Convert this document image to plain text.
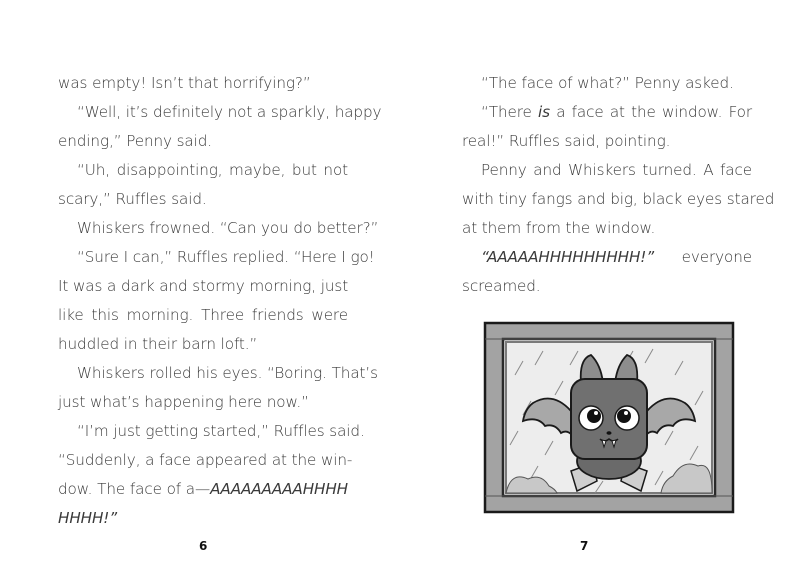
was empty! Isn’t that horrifying?”
“Well, it’s definitely not a sparkly, happy
ending,” Penny said.
“Uh, disappointing, maybe, but not
scary,” Ruffles said.
Whiskers frowned. “Can you do better?”
“Sure I can,” Ruffles replied. “Here I go!
It was a dark and stormy morning, just
like this morning. Three friends were
huddled in their barn loft.”
Whiskers rolled his eyes. “Boring. That’s
just what’s happening here now.”
“I’m just getting started,” Ruffles said.
“Suddenly, a face appeared at the win-
dow. The face of a—AAAAAAAAAHHHH
HHHH!”
6
“The face of what?” Penny asked.
“There is a face at the window. For
real!” Ruffles said, pointing.
Penny and Whiskers turned. A face
with tiny fangs and big, black eyes stared
at them from the window.
“AAAAAHHHHHHHHH!” everyone
screamed.
7
